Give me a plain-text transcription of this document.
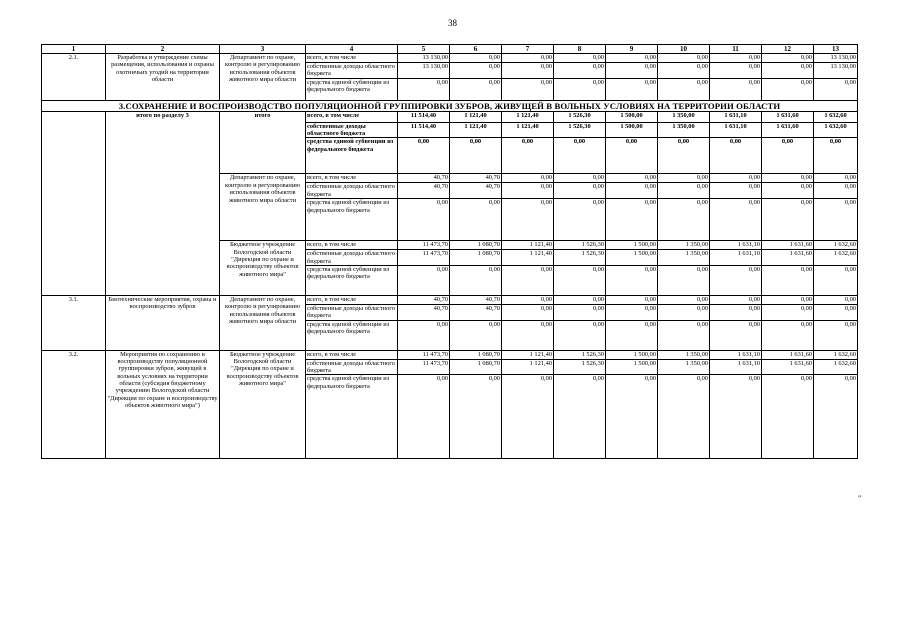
38
1	2	3	4	5	6	7	8	9	10	11	12	13
2.1.	Разработка и утверждение схемы размещения, использования и охраны охотничьих угодий на территории области	Департамент по охране, контролю и регулированию использования объектов животного мира области	всего, в том числе	13 130,00	0,00	0,00	0,00	0,00	0,00	0,00	0,00	13 130,00
			собственные доходы областного бюджета	13 130,00	0,00	0,00	0,00	0,00	0,00	0,00	0,00	13 130,00
			средства единой субвенции из федерального бюджета	0,00	0,00	0,00	0,00	0,00	0,00	0,00	0,00	0,00
3.СОХРАНЕНИЕ И ВОСПРОИЗВОДСТВО ПОПУЛЯЦИОННОЙ ГРУППИРОВКИ ЗУБРОВ, ЖИВУЩЕЙ В ВОЛЬНЫХ УСЛОВИЯХ НА ТЕРРИТОРИИ ОБЛАСТИ												
	итого по разделу 3	итого	всего, в том числе	11 514,40	1 121,40	1 121,40	1 526,30	1 500,00	1 350,00	1 631,10	1 631,60	1 632,60
			собственные доходы областного бюджета	11 514,40	1 121,40	1 121,40	1 526,30	1 500,00	1 350,00	1 631,10	1 631,60	1 632,60
			средства единой субвенции из федерального бюджета	0,00	0,00	0,00	0,00	0,00	0,00	0,00	0,00	0,00
		Департамент по охране, контролю и регулированию использования объектов животного мира области	всего, в том числе	40,70	40,70	0,00	0,00	0,00	0,00	0,00	0,00	0,00
			собственные доходы областного бюджета	40,70	40,70	0,00	0,00	0,00	0,00	0,00	0,00	0,00
			средства единой субвенции из федерального бюджета	0,00	0,00	0,00	0,00	0,00	0,00	0,00	0,00	0,00
		Бюджетное учреждение Вологодской области "Дирекция по охране и воспроизводству объектов животного мира"	всего, в том числе	11 473,70	1 080,70	1 121,40	1 526,30	1 500,00	1 350,00	1 631,10	1 631,60	1 632,60
			собственные доходы областного бюджета	11 473,70	1 080,70	1 121,40	1 526,30	1 500,00	1 350,00	1 631,10	1 631,60	1 632,60
			средства единой субвенции из федерального бюджета	0,00	0,00	0,00	0,00	0,00	0,00	0,00	0,00	0,00
3.1.	Биотехнические мероприятия, охрана и воспроизводство зубров	Департамент по охране, контролю и регулированию использования объектов животного мира области	всего, в том числе	40,70	40,70	0,00	0,00	0,00	0,00	0,00	0,00	0,00
			собственные доходы областного бюджета	40,70	40,70	0,00	0,00	0,00	0,00	0,00	0,00	0,00
			средства единой субвенции из федерального бюджета	0,00	0,00	0,00	0,00	0,00	0,00	0,00	0,00	0,00
3.2.	Мероприятия по сохранению и воспроизводству популяционной группировки зубров, живущей в вольных условиях на территории области (субсидия бюджетному учреждению Вологодской области "Дирекция по охране и воспроизводству объектов животного мира")	Бюджетное учреждение Вологодской области "Дирекция по охране и воспроизводству объектов животного мира"	всего, в том числе	11 473,70	1 080,70	1 121,40	1 526,30	1 500,00	1 350,00	1 631,10	1 631,60	1 632,60
			собственные доходы областного бюджета	11 473,70	1 080,70	1 121,40	1 526,30	1 500,00	1 350,00	1 631,10	1 631,60	1 632,60
			средства единой субвенции из федерального бюджета	0,00	0,00	0,00	0,00	0,00	0,00	0,00	0,00	0,00
"
